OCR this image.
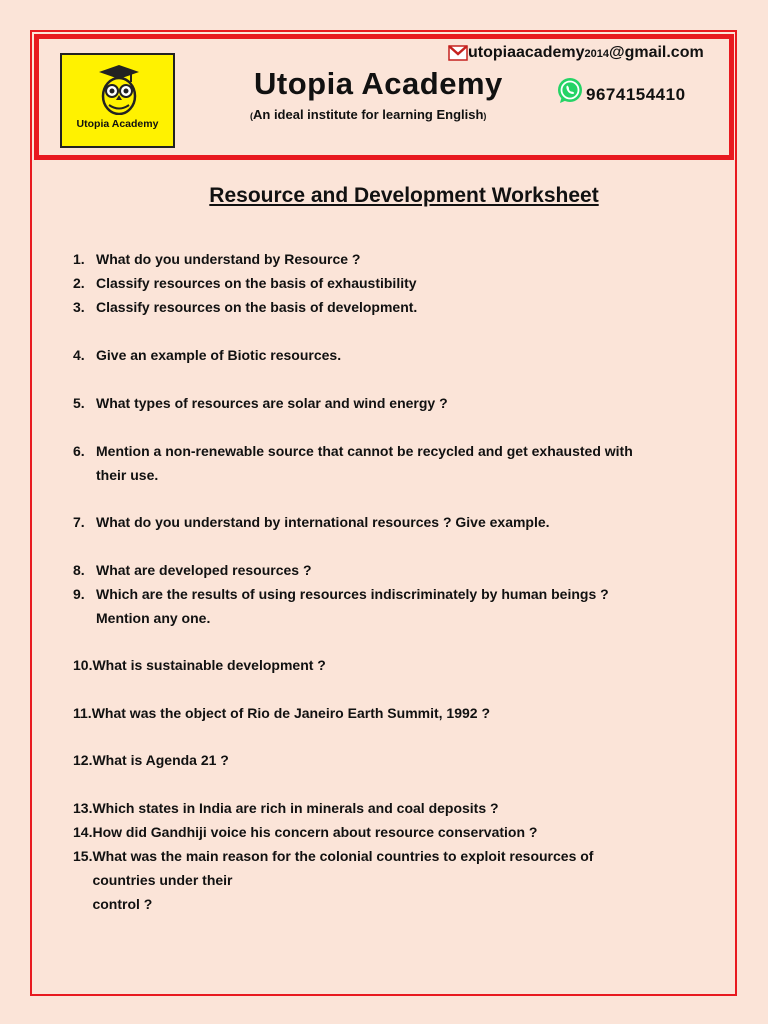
Utopia Academy
Utopia Academy
(An ideal institute for learning English)
utopiaacademy2014@gmail.com
9674154410
Resource and Development Worksheet
1. What do you understand by Resource ?
2. Classify resources on the basis of exhaustibility
3. Classify resources on the basis of development.
4. Give an example of Biotic resources.
5. What types of resources are solar and wind energy ?
6. Mention a non-renewable source that cannot be recycled and get exhausted with
their use.
7. What do you understand by international resources ? Give example.
8. What are developed resources ?
9. Which are the results of using resources indiscriminately by human beings ?
Mention any one.
10. What is sustainable development ?
11. What was the object of Rio de Janeiro Earth Summit, 1992 ?
12. What is Agenda 21 ?
13. Which states in India are rich in minerals and coal deposits ?
14. How did Gandhiji voice his concern about resource conservation ?
15. What was the main reason for the colonial countries to exploit resources of
countries under their
control ?
